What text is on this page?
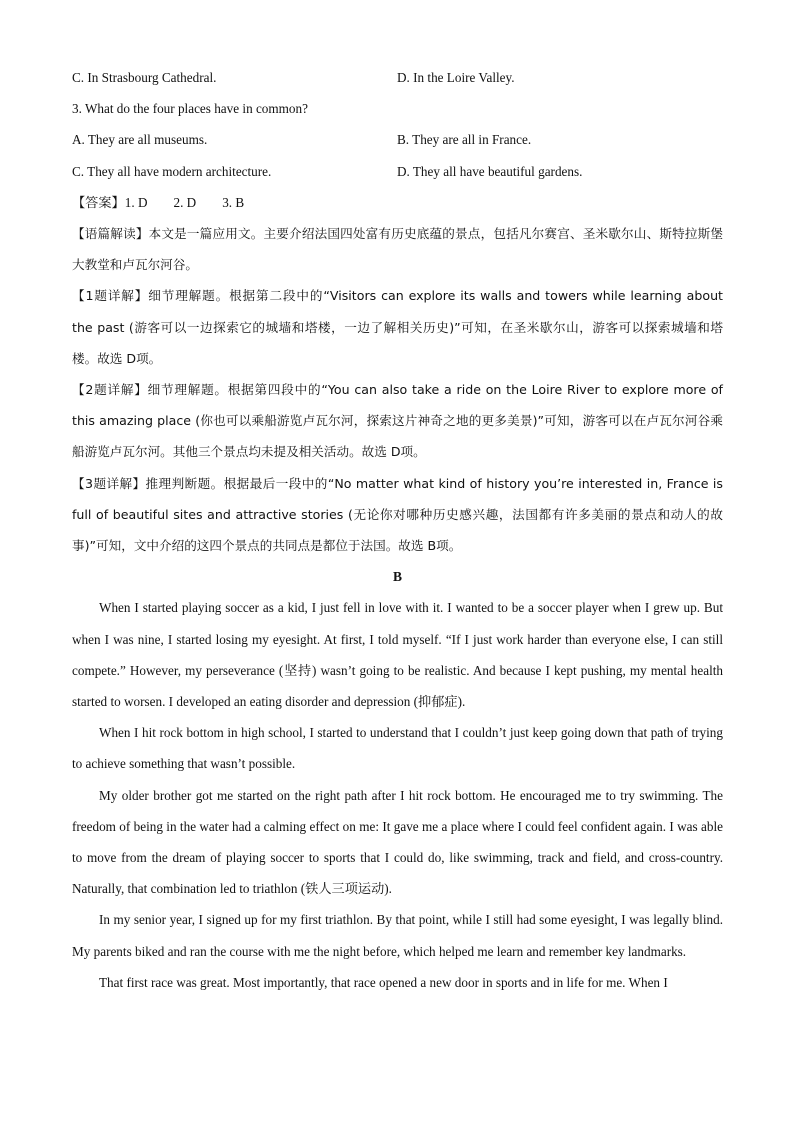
C. In Strasbourg Cathedral.	D. In the Loire Valley.
3. What do the four places have in common?
A. They are all museums.	B. They are all in France.
C. They all have modern architecture.	D. They all have beautiful gardens.
【答案】1. D 2. D 3. B

【语篇解读】本文是一篇应用文。主要介绍法国四处富有历史底蕴的景点，包括凡尔赛宫、圣米歇尔山、斯特拉斯堡大教堂和卢瓦尔河谷。

【1题详解】细节理解题。根据第二段中的“Visitors can explore its walls and towers while learning about the past (游客可以一边探索它的城墙和塔楼，一边了解相关历史)”可知，在圣米歇尔山，游客可以探索城墙和塔楼。故选 D项。

【2题详解】细节理解题。根据第四段中的“You can also take a ride on the Loire River to explore more of this amazing place (你也可以乘船游览卢瓦尔河，探索这片神奇之地的更多美景)”可知，游客可以在卢瓦尔河谷乘船游览卢瓦尔河。其他三个景点均未提及相关活动。故选 D项。

【3题详解】推理判断题。根据最后一段中的“No matter what kind of history you’re interested in, France is full of beautiful sites and attractive stories (无论你对哪种历史感兴趣，法国都有许多美丽的景点和动人的故事)”可知，文中介绍的这四个景点的共同点是都位于法国。故选 B项。

B

When I started playing soccer as a kid, I just fell in love with it. I wanted to be a soccer player when I grew up. But when I was nine, I started losing my eyesight. At first, I told myself. “If I just work harder than everyone else, I can still compete.” However, my perseverance (坚持) wasn’t going to be realistic. And because I kept pushing, my mental health started to worsen. I developed an eating disorder and depression (抑郁症).

When I hit rock bottom in high school, I started to understand that I couldn’t just keep going down that path of trying to achieve something that wasn’t possible.

My older brother got me started on the right path after I hit rock bottom. He encouraged me to try swimming. The freedom of being in the water had a calming effect on me: It gave me a place where I could feel confident again. I was able to move from the dream of playing soccer to sports that I could do, like swimming, track and field, and cross-country. Naturally, that combination led to triathlon (铁人三项运动).

In my senior year, I signed up for my first triathlon. By that point, while I still had some eyesight, I was legally blind. My parents biked and ran the course with me the night before, which helped me learn and remember key landmarks.

That first race was great. Most importantly, that race opened a new door in sports and in life for me. When I
